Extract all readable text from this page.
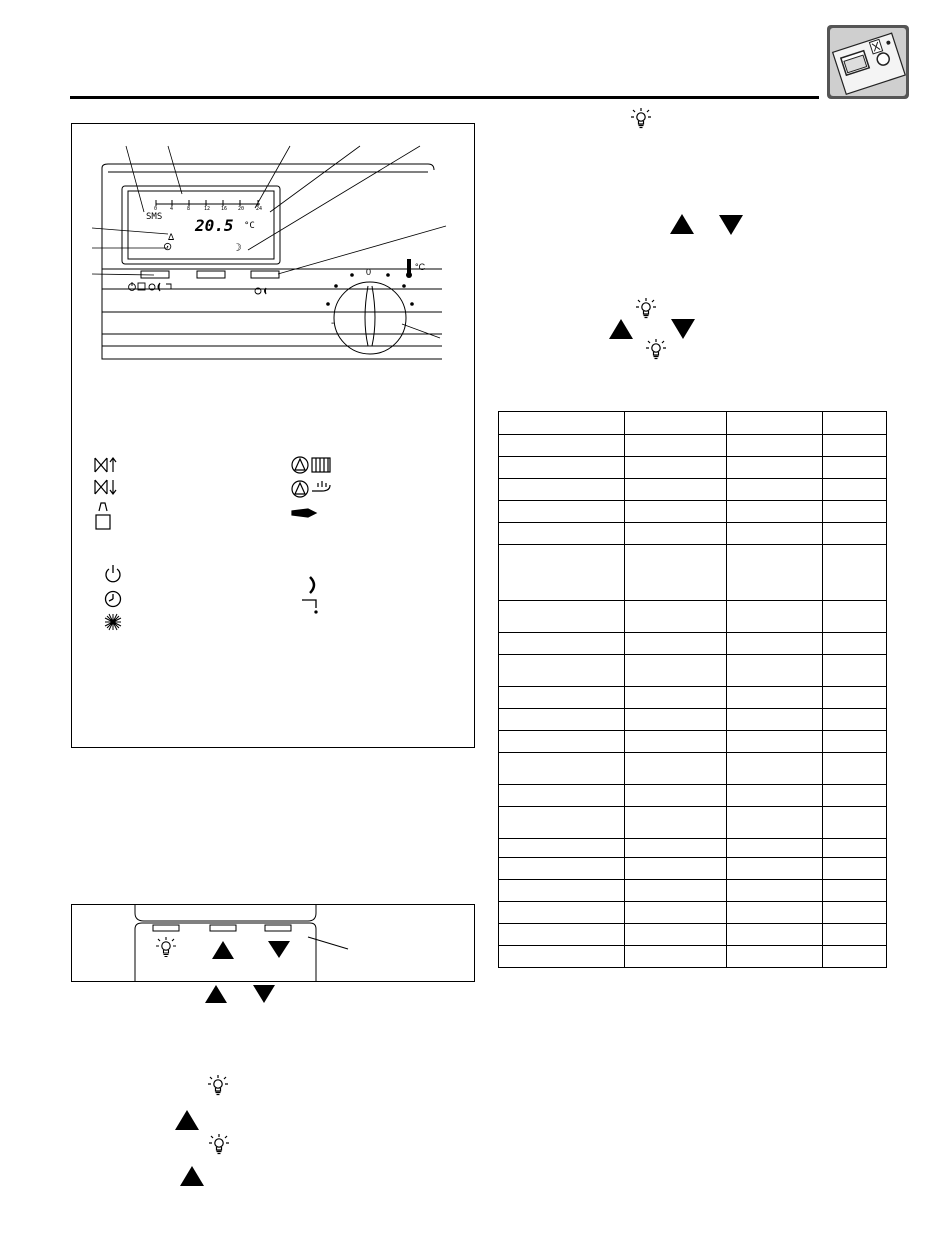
SMS 20.5 °C
ᐃ
⊙	☽
0
-
°C

0	4	8	12 16 20 24
